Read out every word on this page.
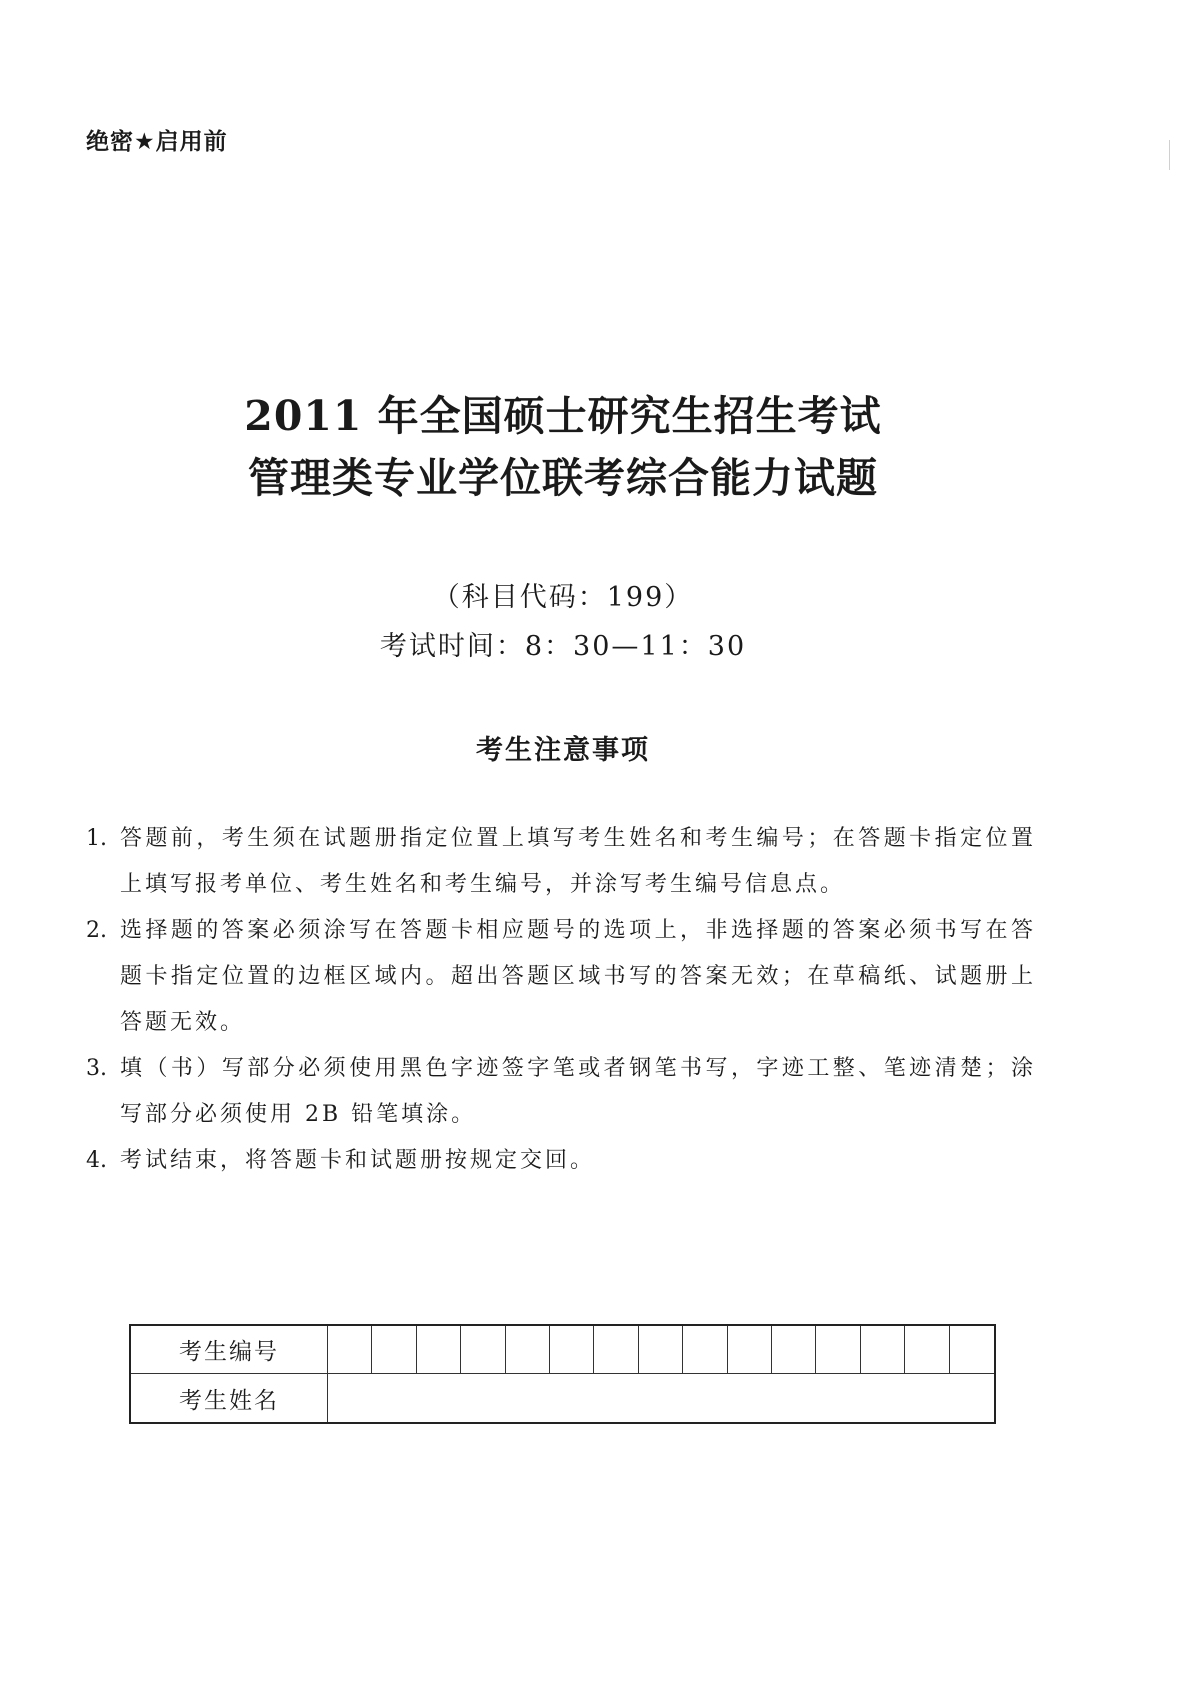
绝密★启用前
2011 年全国硕士研究生招生考试
管理类专业学位联考综合能力试题
（科目代码：199）
考试时间：8：30—11：30
考生注意事项
1. 答题前，考生须在试题册指定位置上填写考生姓名和考生编号；在答题卡指定位置上填写报考单位、考生姓名和考生编号，并涂写考生编号信息点。
2. 选择题的答案必须涂写在答题卡相应题号的选项上，非选择题的答案必须书写在答题卡指定位置的边框区域内。超出答题区域书写的答案无效；在草稿纸、试题册上答题无效。
3. 填（书）写部分必须使用黑色字迹签字笔或者钢笔书写，字迹工整、笔迹清楚；涂写部分必须使用 2B 铅笔填涂。
4. 考试结束，将答题卡和试题册按规定交回。
考生编号
考生姓名
